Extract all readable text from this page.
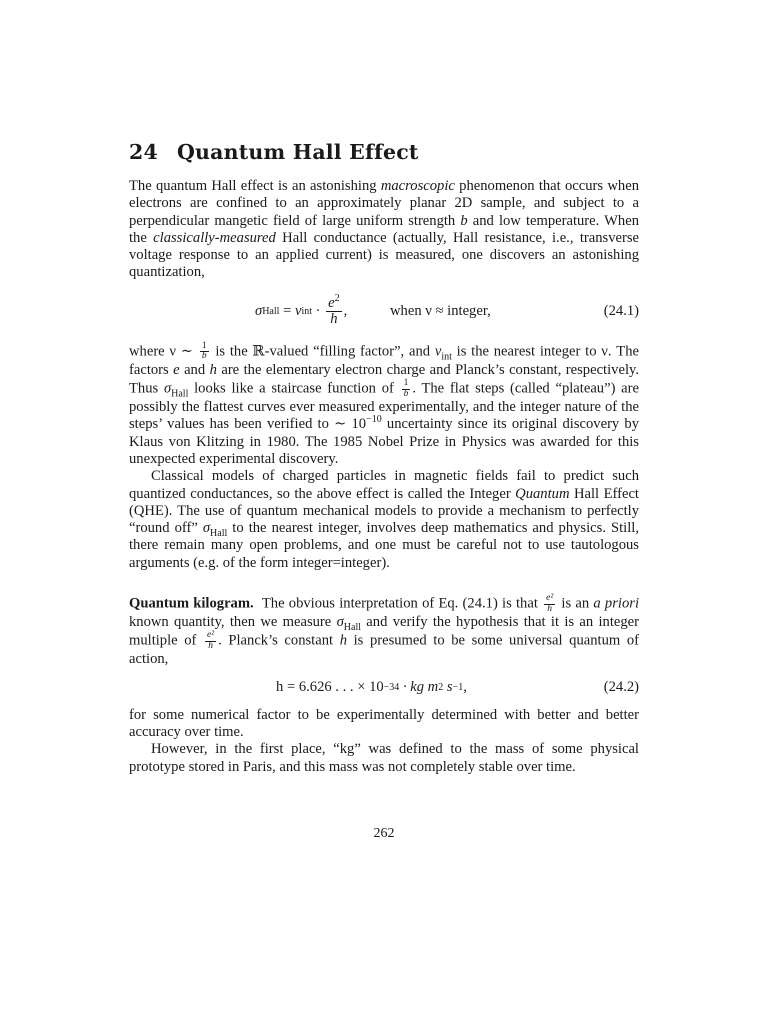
24 Quantum Hall Effect

The quantum Hall effect is an astonishing macroscopic phenomenon that occurs when electrons are confined to an approximately planar 2D sample, and subject to a perpendicular mangetic field of large uniform strength b and low temperature. When the classically-measured Hall conductance (actually, Hall resistance, i.e., transverse voltage response to an applied current) is measured, one discovers an astonishing quantization,

σ Hall = ν int · $\frac{e^2}{h}$ ,	when ν ≈ integer,	(24.1)

where ν ∼ $\frac{1}{b}$ is the ℝ-valued “filling factor”, and $\nu_{int}$ is the nearest integer to ν. The factors e and h are the elementary electron charge and Planck’s constant, respectively. Thus $\sigma_{Hall}$ looks like a staircase function of $\frac{1}{b}$ . The flat steps (called “plateau”) are possibly the flattest curves ever measured experimentally, and the integer nature of the steps’ values has been verified to ∼ $10^{-10}$ uncertainty since its original discovery by Klaus von Klitzing in 1980. The 1985 Nobel Prize in Physics was awarded for this unexpected experimental discovery.

Classical models of charged particles in magnetic fields fail to predict such quantized conductances, so the above effect is called the Integer Quantum Hall Effect (QHE). The use of quantum mechanical models to provide a mechanism to perfectly “round off” $\sigma_{Hall}$ to the nearest integer, involves deep mathematics and physics. Still, there remain many open problems, and one must be careful not to use tautologous arguments (e.g. of the form integer=integer).

Quantum kilogram.  The obvious interpretation of Eq. (24.1) is that $\frac{\text{e²}}{h}$ is an a priori known quantity, then we measure $\sigma_{Hall}$ and verify the hypothesis that it is an integer multiple of $\frac{\text{e²}}{h}$ . Planck’s constant h is presumed to be some universal quantum of action,

h = 6.626 . . . × 10 −34 · kg m 2 s −1 ,	(24.2)

for some numerical factor to be experimentally determined with better and better accuracy over time.

However, in the first place, “kg” was defined to the mass of some physical prototype stored in Paris, and this mass was not completely stable over time.

262
